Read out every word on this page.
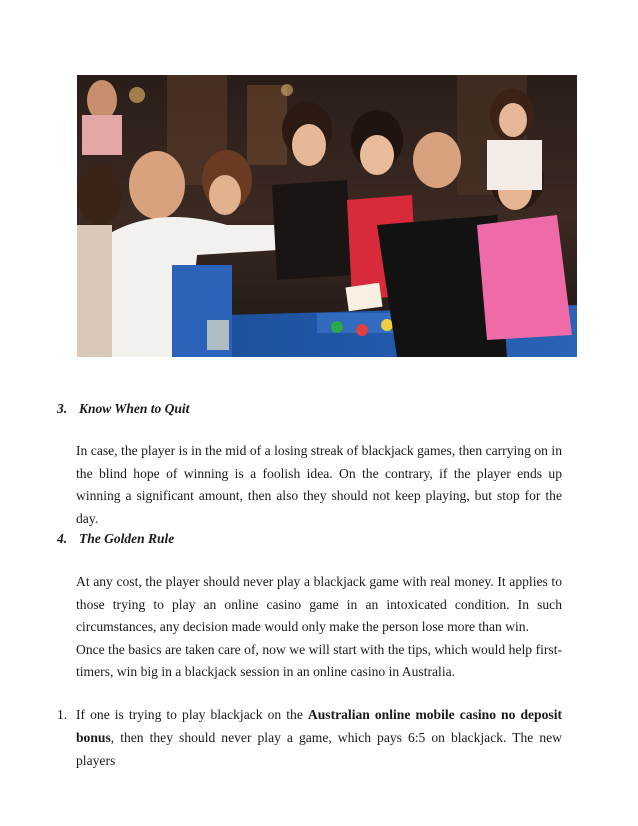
3. Know When to Quit

In case, the player is in the mid of a losing streak of blackjack games, then carrying on in the blind hope of winning is a foolish idea. On the contrary, if the player ends up winning a significant amount, then also they should not keep playing, but stop for the day.

4. The Golden Rule

At any cost, the player should never play a blackjack game with real money. It applies to those trying to play an online casino game in an intoxicated condition. In such circumstances, any decision made would only make the person lose more than win.

Once the basics are taken care of, now we will start with the tips, which would help first-timers, win big in a blackjack session in an online casino in Australia.

1. If one is trying to play blackjack on the Australian online mobile casino no deposit bonus, then they should never play a game, which pays 6:5 on blackjack. The new players
